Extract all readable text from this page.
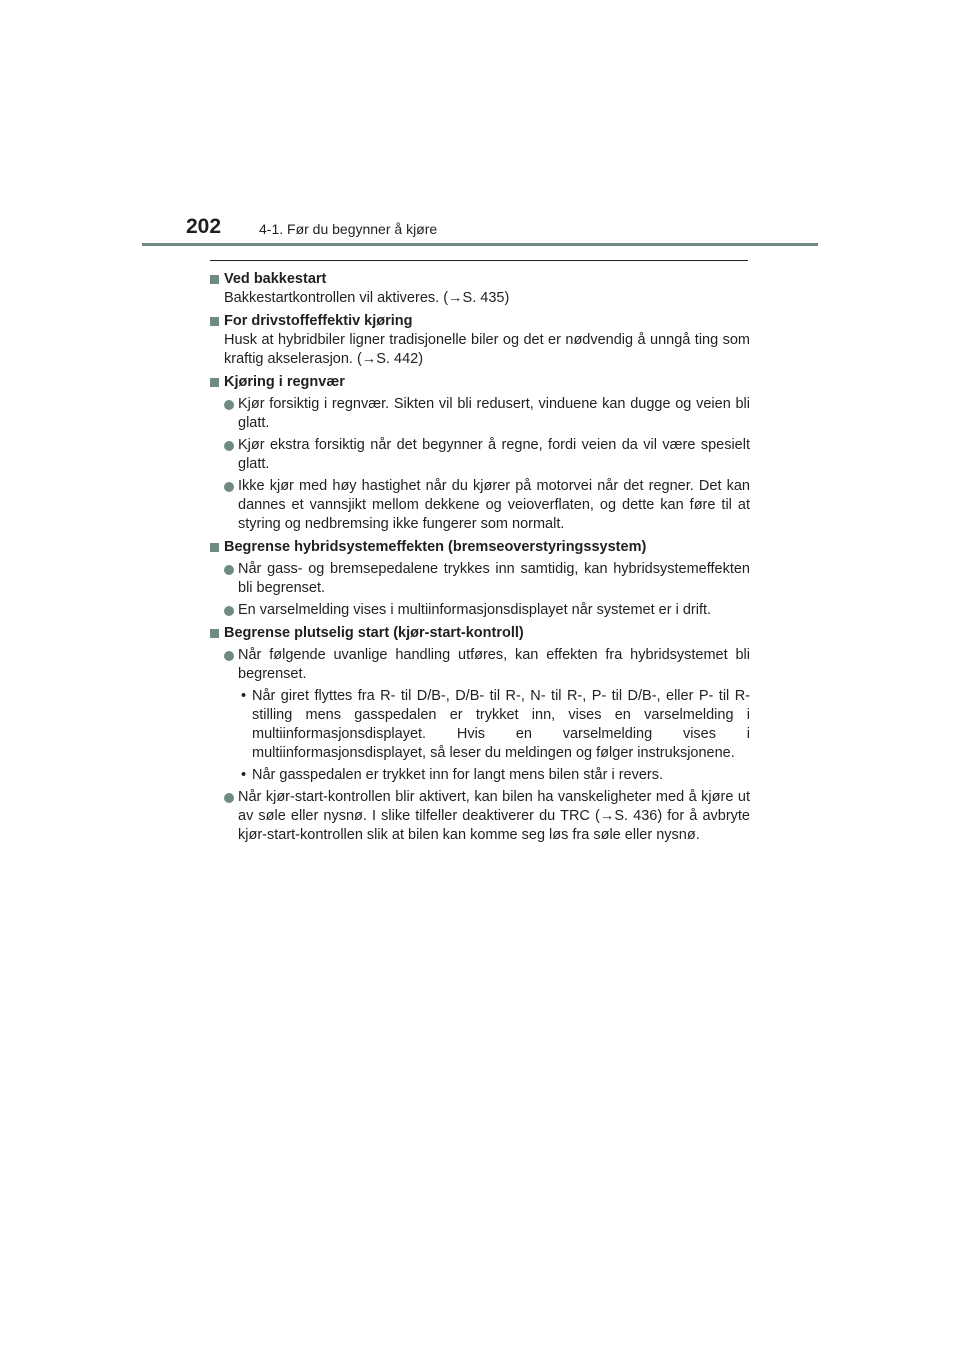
202	4-1. Før du begynner å kjøre
Ved bakkestart
Bakkestartkontrollen vil aktiveres. (→S. 435)
For drivstoffeffektiv kjøring
Husk at hybridbiler ligner tradisjonelle biler og det er nødvendig å unngå ting som kraftig akselerasjon. (→S. 442)
Kjøring i regnvær
Kjør forsiktig i regnvær. Sikten vil bli redusert, vinduene kan dugge og veien bli glatt.
Kjør ekstra forsiktig når det begynner å regne, fordi veien da vil være spesielt glatt.
Ikke kjør med høy hastighet når du kjører på motorvei når det regner. Det kan dannes et vannsjikt mellom dekkene og veioverflaten, og dette kan føre til at styring og nedbremsing ikke fungerer som normalt.
Begrense hybridsystemeffekten (bremseoverstyringssystem)
Når gass- og bremsepedalene trykkes inn samtidig, kan hybridsystemeffekten bli begrenset.
En varselmelding vises i multiinformasjonsdisplayet når systemet er i drift.
Begrense plutselig start (kjør-start-kontroll)
Når følgende uvanlige handling utføres, kan effekten fra hybridsystemet bli begrenset.
• Når giret flyttes fra R- til D/B-, D/B- til R-, N- til R-, P- til D/B-, eller P- til R-stilling mens gasspedalen er trykket inn, vises en varselmelding i multiinformasjonsdisplayet. Hvis en varselmelding vises i multiinformasjonsdisplayet, så leser du meldingen og følger instruksjonene.
• Når gasspedalen er trykket inn for langt mens bilen står i revers.
Når kjør-start-kontrollen blir aktivert, kan bilen ha vanskeligheter med å kjøre ut av søle eller nysnø. I slike tilfeller deaktiverer du TRC (→S. 436) for å avbryte kjør-start-kontrollen slik at bilen kan komme seg løs fra søle eller nysnø.
